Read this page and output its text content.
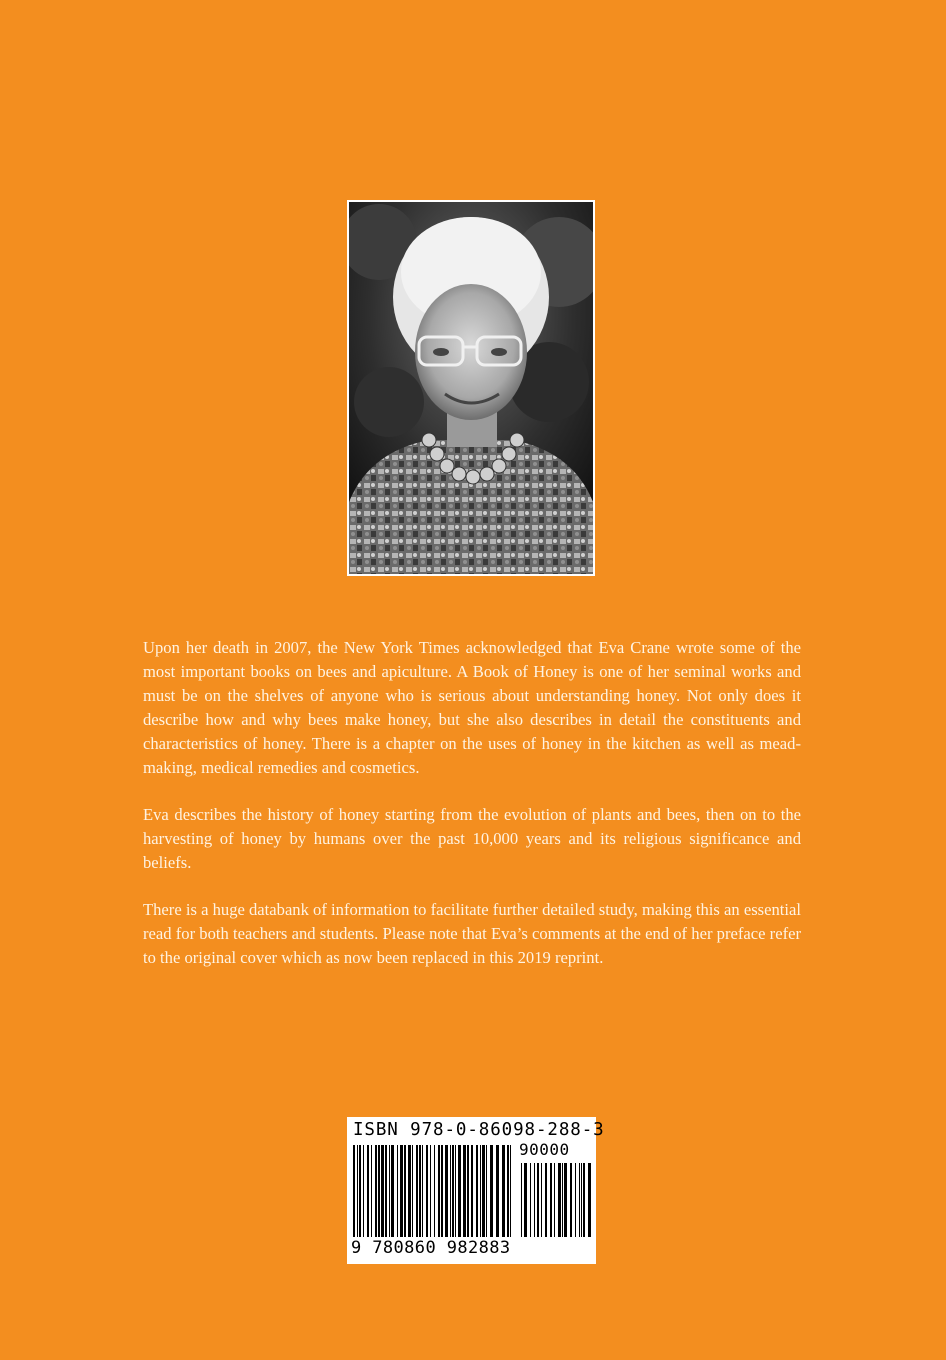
Upon her death in 2007, the New York Times acknowledged that Eva Crane wrote some of the most important books on bees and apiculture. A Book of Honey is one of her seminal works and must be on the shelves of anyone who is serious about understanding honey. Not only does it describe how and why bees make honey, but she also describes in detail the constituents and characteristics of honey. There is a chapter on the uses of honey in the kitchen as well as mead-making, medical remedies and cosmetics.

Eva describes the history of honey starting from the evolution of plants and bees, then on to the harvesting of honey by humans over the past 10,000 years and its religious significance and beliefs.

There is a huge databank of information to facilitate further detailed study, making this an essential read for both teachers and students. Please note that Eva’s comments at the end of her preface refer to the original cover which as now been replaced in this 2019 reprint.

ISBN 978-0-86098-288-3
90000
9 780860 982883
